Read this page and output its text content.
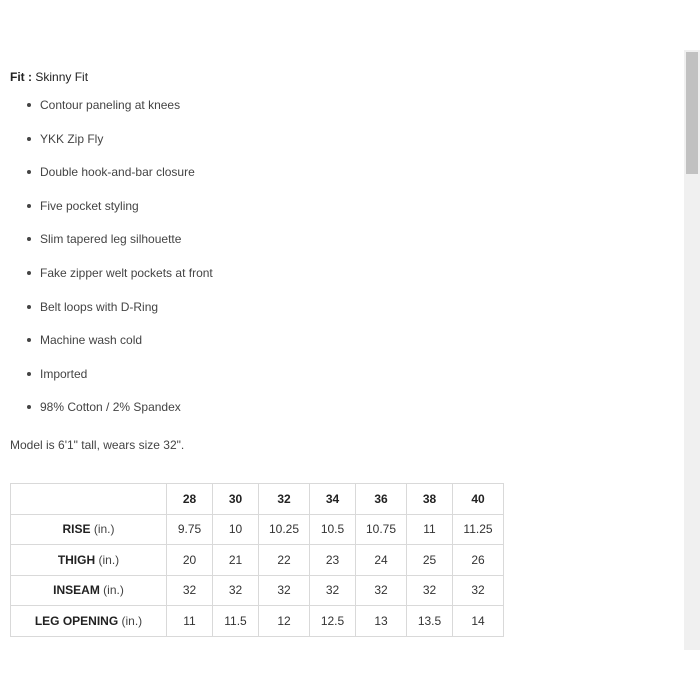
Fit : Skinny Fit

Contour paneling at knees
YKK Zip Fly
Double hook-and-bar closure
Five pocket styling
Slim tapered leg silhouette
Fake zipper welt pockets at front
Belt loops with D-Ring
Machine wash cold
Imported
98% Cotton / 2% Spandex

Model is 6'1" tall, wears size 32".

	28	30	32	34	36	38	40
RISE (in.)	9.75	10	10.25	10.5	10.75	11	11.25
THIGH (in.)	20	21	22	23	24	25	26
INSEAM (in.)	32	32	32	32	32	32	32
LEG OPENING (in.)	11	11.5	12	12.5	13	13.5	14
